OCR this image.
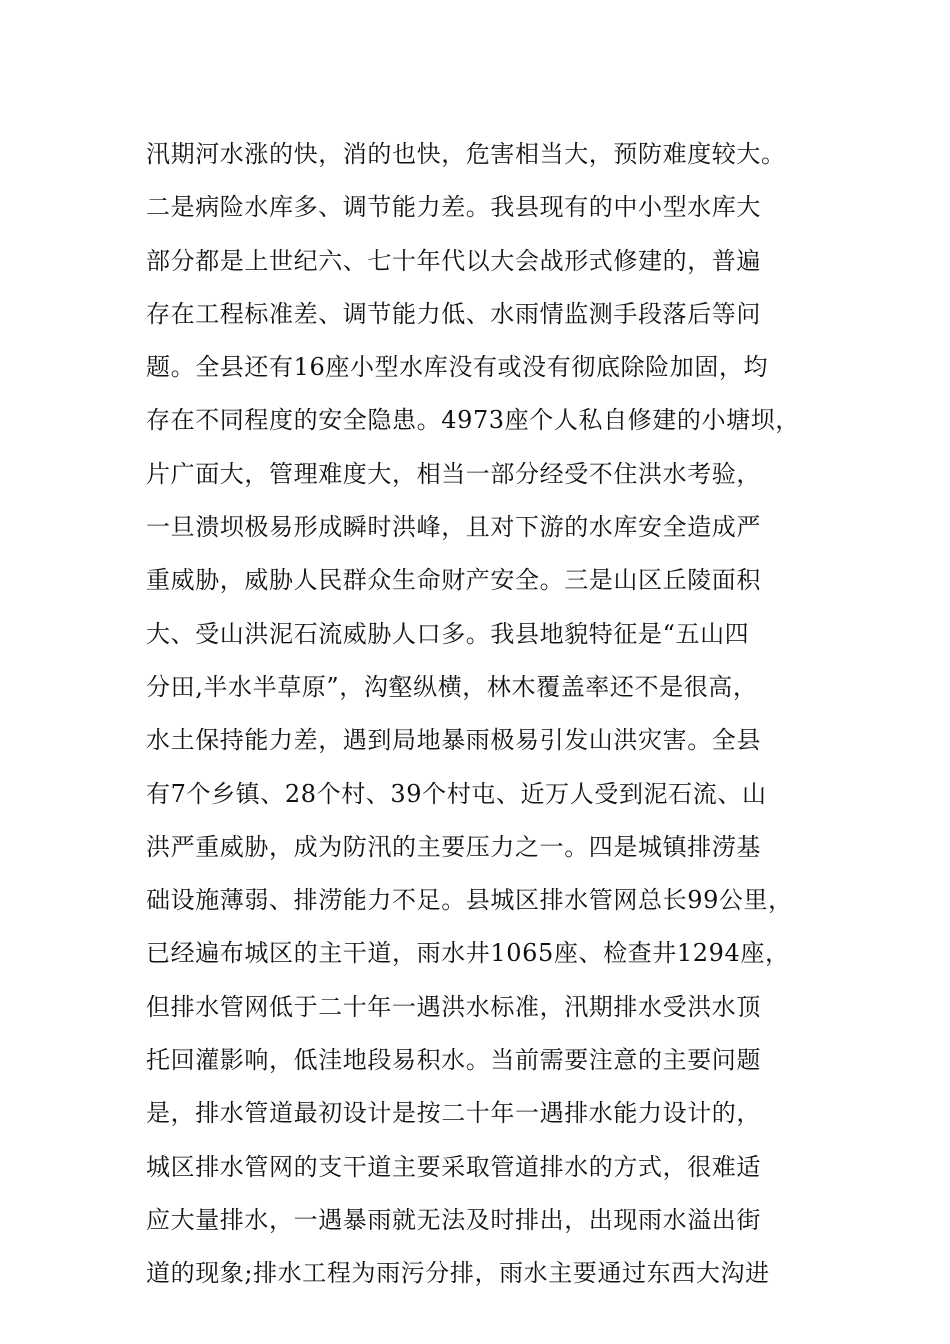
汛期河水涨的快，消的也快，危害相当大，预防难度较大。
二是病险水库多、调节能力差。我县现有的中小型水库大
部分都是上世纪六、七十年代以大会战形式修建的，普遍
存在工程标准差、调节能力低、水雨情监测手段落后等问
题。全县还有16座小型水库没有或没有彻底除险加固，均
存在不同程度的安全隐患。4973座个人私自修建的小塘坝，
片广面大，管理难度大，相当一部分经受不住洪水考验，
一旦溃坝极易形成瞬时洪峰，且对下游的水库安全造成严
重威胁，威胁人民群众生命财产安全。三是山区丘陵面积
大、受山洪泥石流威胁人口多。我县地貌特征是“五山四
分田,半水半草原”，沟壑纵横，林木覆盖率还不是很高，
水土保持能力差，遇到局地暴雨极易引发山洪灾害。全县
有7个乡镇、28个村、39个村屯、近万人受到泥石流、山
洪严重威胁，成为防汛的主要压力之一。四是城镇排涝基
础设施薄弱、排涝能力不足。县城区排水管网总长99公里，
已经遍布城区的主干道，雨水井1065座、检查井1294座，
但排水管网低于二十年一遇洪水标准，汛期排水受洪水顶
托回灌影响，低洼地段易积水。当前需要注意的主要问题
是，排水管道最初设计是按二十年一遇排水能力设计的，
城区排水管网的支干道主要采取管道排水的方式，很难适
应大量排水，一遇暴雨就无法及时排出，出现雨水溢出街
道的现象;排水工程为雨污分排，雨水主要通过东西大沟进
